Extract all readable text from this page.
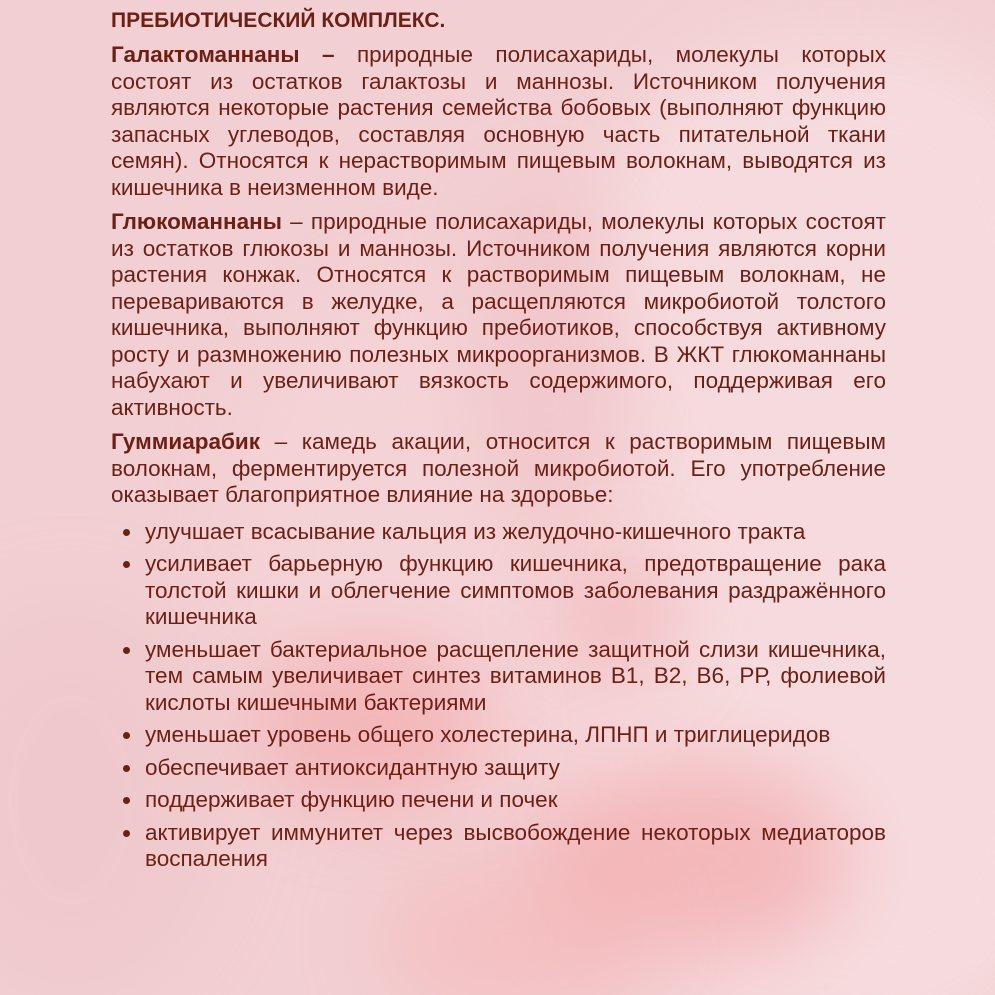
ПРЕБИОТИЧЕСКИЙ КОМПЛЕКС.

Галактоманнаны – природные полисахариды, молекулы которых состоят из остатков галактозы и маннозы. Источником получения являются некоторые растения семейства бобовых (выполняют функцию запасных углеводов, составляя основную часть питательной ткани семян). Относятся к нерастворимым пищевым волокнам, выводятся из кишечника в неизменном виде.

Глюкоманнаны – природные полисахариды, молекулы которых состоят из остатков глюкозы и маннозы. Источником получения являются корни растения конжак. Относятся к растворимым пищевым волокнам, не перевариваются в желудке, а расщепляются микробиотой толстого кишечника, выполняют функцию пребиотиков, способствуя активному росту и размножению полезных микроорганизмов. В ЖКТ глюкоманнаны набухают и увеличивают вязкость содержимого, поддерживая его активность.

Гуммиарабик – камедь акации, относится к растворимым пищевым волокнам, ферментируется полезной микробиотой. Его употребление оказывает благоприятное влияние на здоровье:

улучшает всасывание кальция из желудочно-кишечного тракта
усиливает барьерную функцию кишечника, предотвращение рака толстой кишки и облегчение симптомов заболевания раздражённого кишечника
уменьшает бактериальное расщепление защитной слизи кишечника, тем самым увеличивает синтез витаминов В1, В2, В6, РР, фолиевой кислоты кишечными бактериями
уменьшает уровень общего холестерина, ЛПНП и триглицеридов
обеспечивает антиоксидантную защиту
поддерживает функцию печени и почек
активирует иммунитет через высвобождение некоторых медиаторов воспаления
